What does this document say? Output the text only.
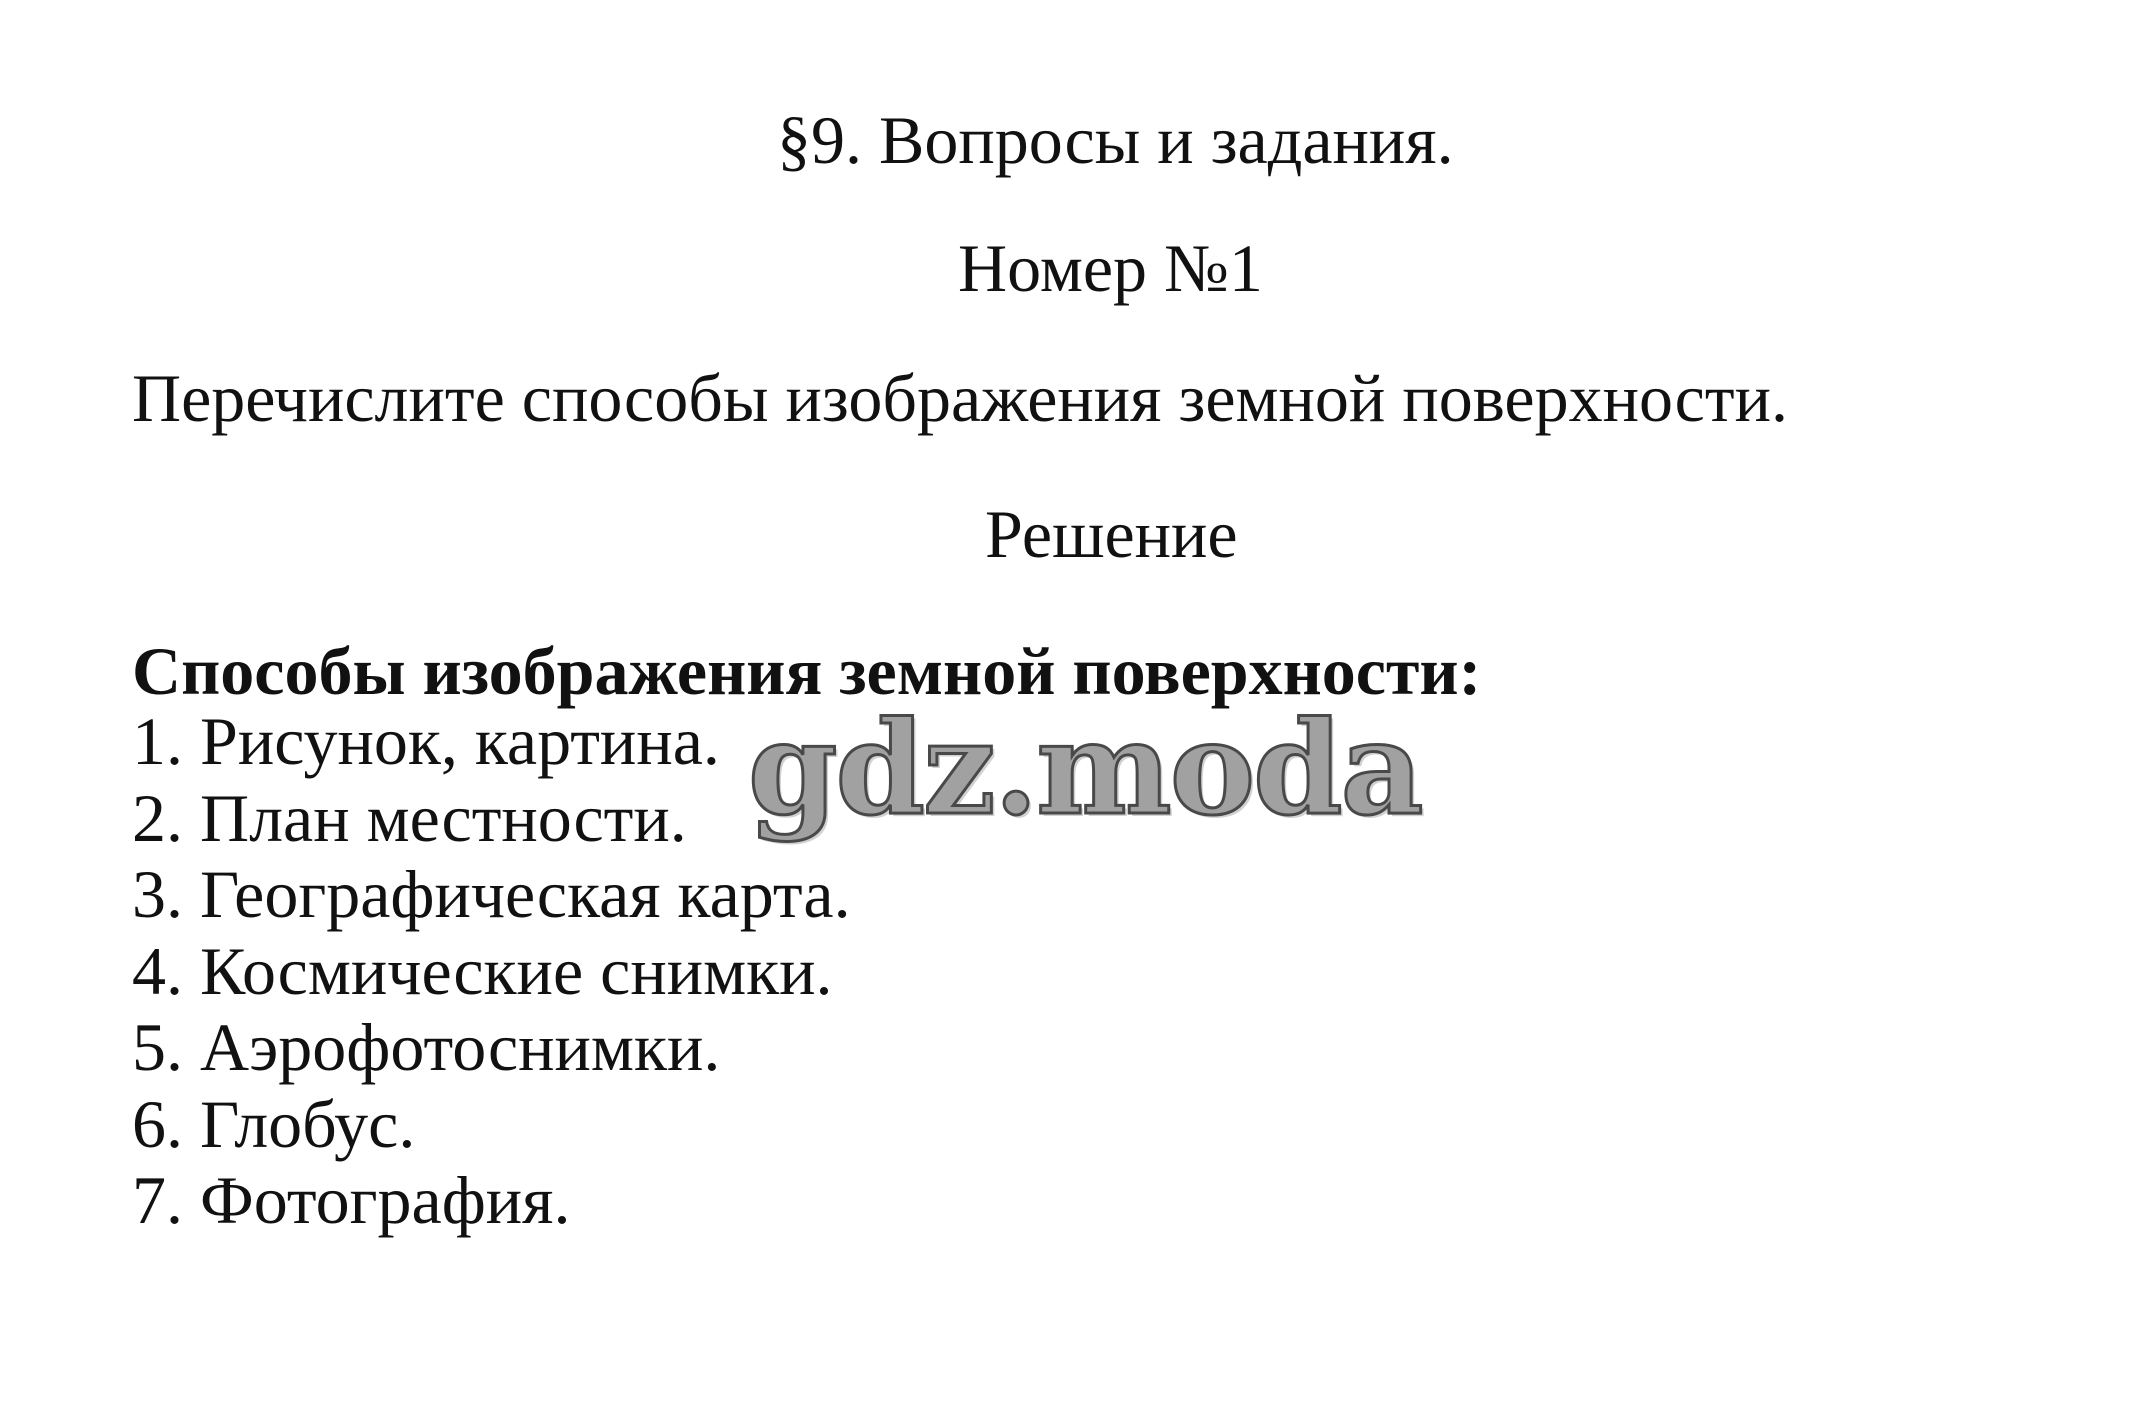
§9. Вопросы и задания.
Номер №1
Перечислите способы изображения земной поверхности.
Решение
Способы изображения земной поверхности:
1. Рисунок, картина.
2. План местности.
3. Географическая карта.
4. Космические снимки.
5. Аэрофотоснимки.
6. Глобус.
7. Фотография.
gdz.moda
